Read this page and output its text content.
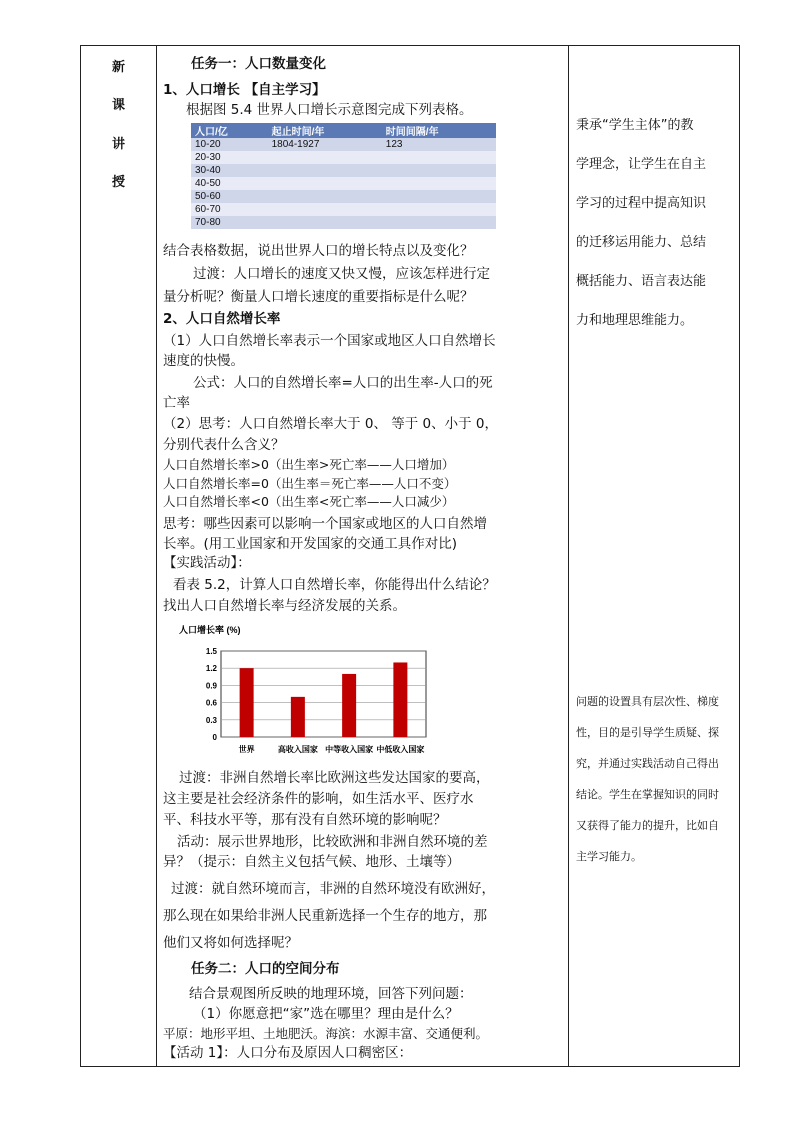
新
课
讲
授
任务一：人口数量变化
1、人口增长 【自主学习】
根据图 5.4 世界人口增长示意图完成下列表格。
人口/亿	起止时间/年	时间间隔/年
10-20	1804-1927	123
20-30		
30-40		
40-50		
50-60		
60-70		
70-80		
结合表格数据，说出世界人口的增长特点以及变化？
过渡：人口增长的速度又快又慢，应该怎样进行定
量分析呢？衡量人口增长速度的重要指标是什么呢？
2、人口自然增长率
（1）人口自然增长率表示一个国家或地区人口自然增长
速度的快慢。
公式：人口的自然增长率=人口的出生率-人口的死
亡率
（2）思考：人口自然增长率大于 0、 等于 0、小于 0，
分别代表什么含义？
人口自然增长率>0（出生率>死亡率——人口增加）
人口自然增长率=0（出生率＝死亡率——人口不变）
人口自然增长率<0（出生率<死亡率——人口减少）
思考：哪些因素可以影响一个国家或地区的人口自然增
长率。(用工业国家和开发国家的交通工具作对比)
【实践活动】：
看表 5.2，计算人口自然增长率，你能得出什么结论？
找出人口自然增长率与经济发展的关系。
人口增长率 (%)
0
0.3
0.6
0.9
1.2
1.5
世界	高收入国家 中等收入国家 中低收入国家
过渡：非洲自然增长率比欧洲这些发达国家的要高，
这主要是社会经济条件的影响，如生活水平、医疗水
平、科技水平等，那有没有自然环境的影响呢？
活动：展示世界地形，比较欧洲和非洲自然环境的差
异？（提示：自然主义包括气候、地形、土壤等）
过渡：就自然环境而言，非洲的自然环境没有欧洲好，
那么现在如果给非洲人民重新选择一个生存的地方，那
他们又将如何选择呢？
任务二：人口的空间分布
结合景观图所反映的地理环境，回答下列问题：
（1）你愿意把“家”选在哪里？理由是什么？
平原：地形平坦、土地肥沃。海滨：水源丰富、交通便利。
【活动 1】：人口分布及原因人口稠密区：
秉承“学生主体”的教
学理念，让学生在自主
学习的过程中提高知识
的迁移运用能力、总结
概括能力、语言表达能
力和地理思维能力。
问题的设置具有层次性、梯度
性，目的是引导学生质疑、探
究，并通过实践活动自己得出
结论。学生在掌握知识的同时
又获得了能力的提升，比如自
主学习能力。
